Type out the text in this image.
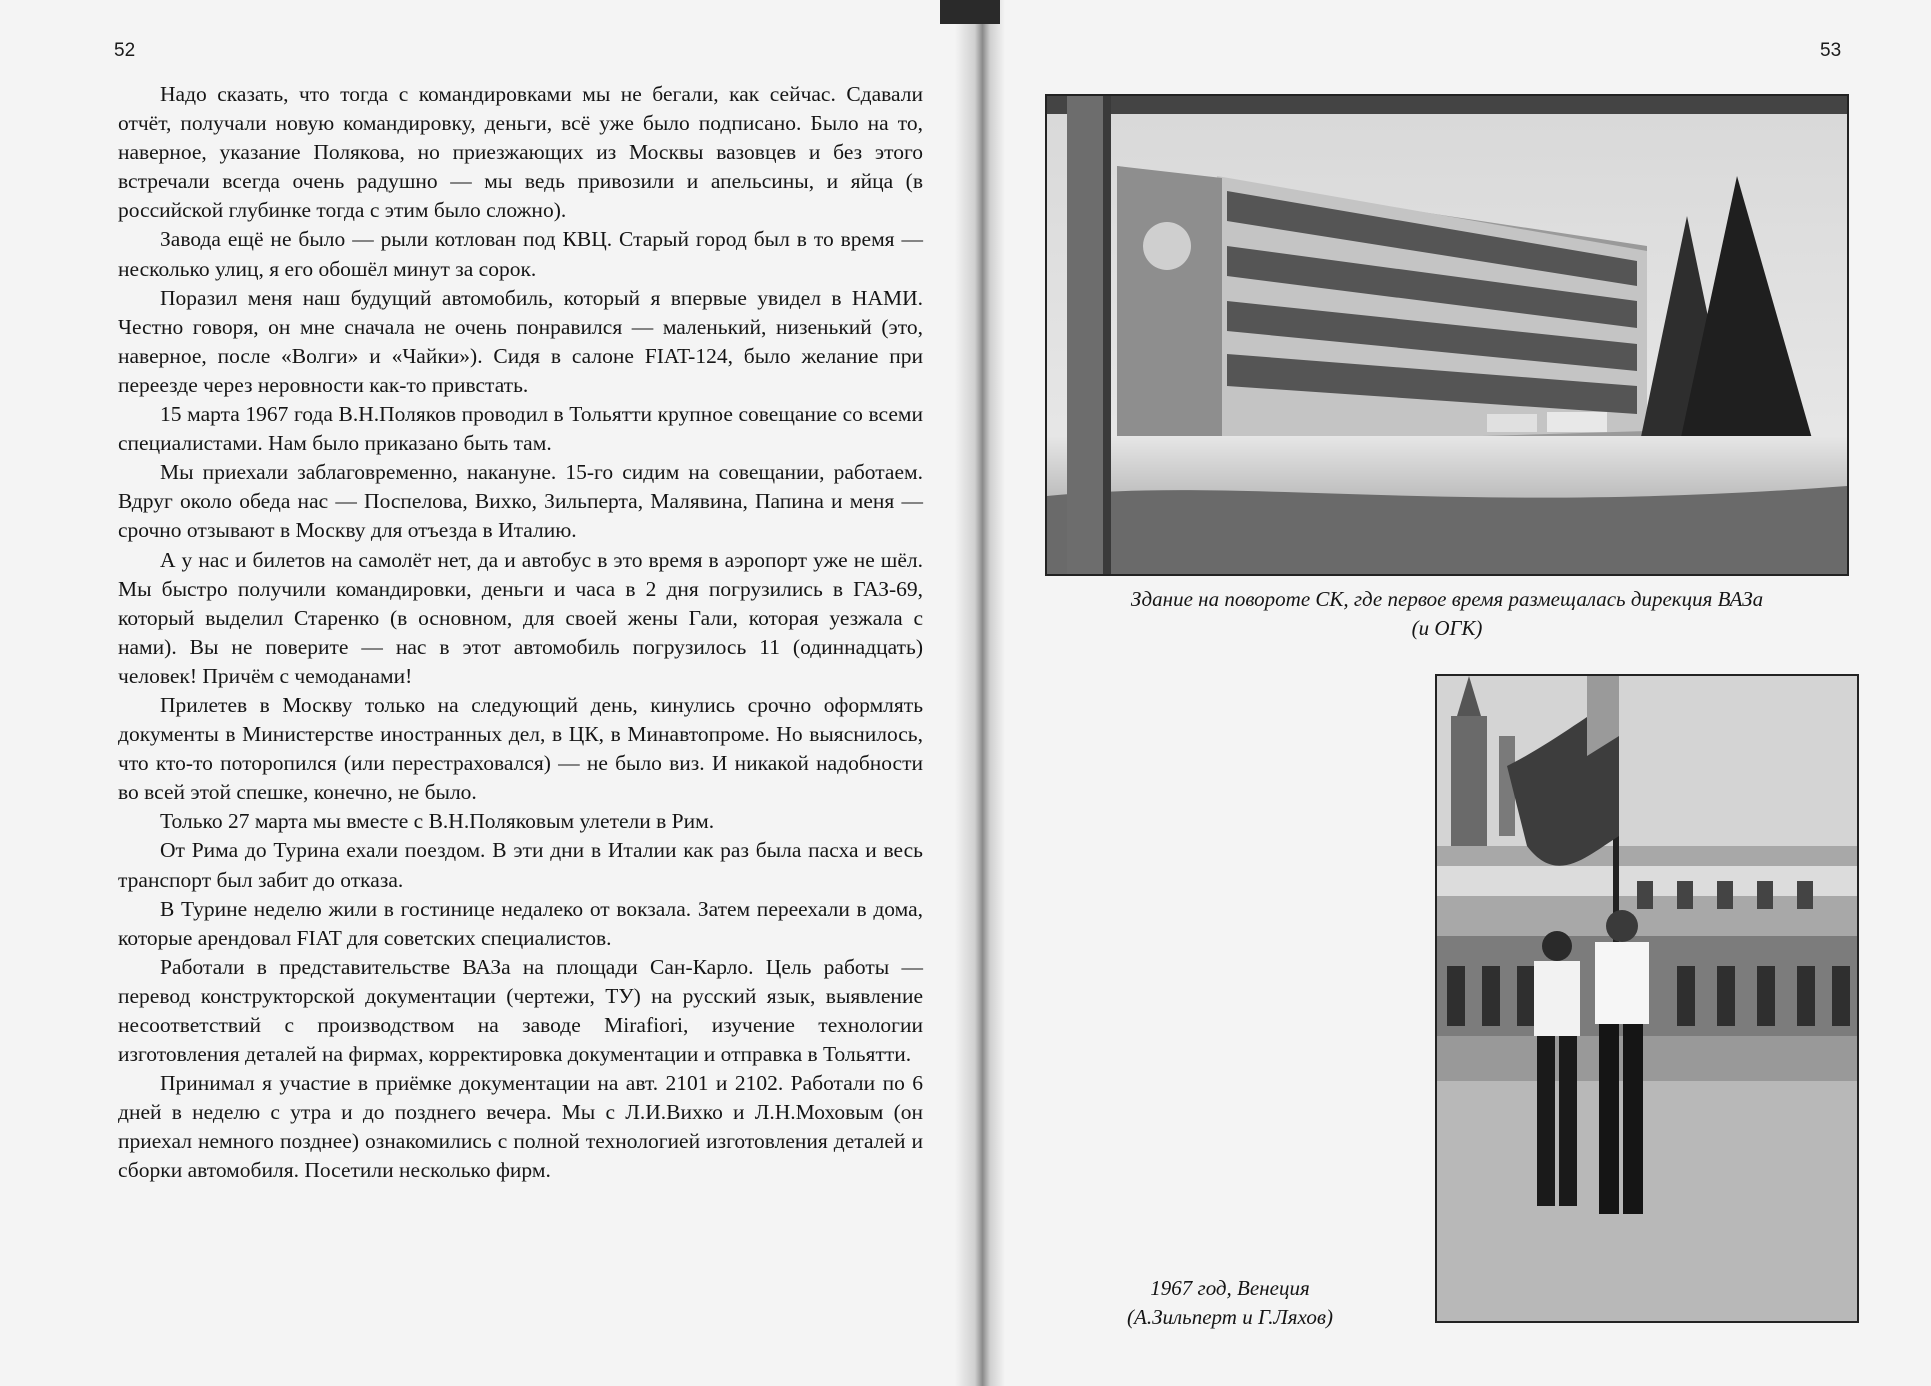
52

Надо сказать, что тогда с командировками мы не бегали, как сейчас. Сдавали отчёт, получали новую командировку, деньги, всё уже было подписано. Было на то, наверное, указание Полякова, но приезжающих из Москвы вазовцев и без этого встречали всегда очень радушно — мы ведь привозили и апельсины, и яйца (в российской глубинке тогда с этим было сложно).

Завода ещё не было — рыли котлован под КВЦ. Старый город был в то время — несколько улиц, я его обошёл минут за сорок.

Поразил меня наш будущий автомобиль, который я впервые увидел в НАМИ. Честно говоря, он мне сначала не очень понравился — маленький, низенький (это, наверное, после «Волги» и «Чайки»). Сидя в салоне FIAT-124, было желание при переезде через неровности как-то привстать.

15 марта 1967 года В.Н.Поляков проводил в Тольятти крупное совещание со всеми специалистами. Нам было приказано быть там.

Мы приехали заблаговременно, накануне. 15-го сидим на совещании, работаем. Вдруг около обеда нас — Поспелова, Вихко, Зильперта, Малявина, Папина и меня — срочно отзывают в Москву для отъезда в Италию.

А у нас и билетов на самолёт нет, да и автобус в это время в аэропорт уже не шёл. Мы быстро получили командировки, деньги и часа в 2 дня погрузились в ГАЗ-69, который выделил Старенко (в основном, для своей жены Гали, которая уезжала с нами). Вы не поверите — нас в этот автомобиль погрузилось 11 (одиннадцать) человек! Причём с чемоданами!

Прилетев в Москву только на следующий день, кинулись срочно оформлять документы в Министерстве иностранных дел, в ЦК, в Минавтопроме. Но выяснилось, что кто-то поторопился (или перестраховался) — не было виз. И никакой надобности во всей этой спешке, конечно, не было.

Только 27 марта мы вместе с В.Н.Поляковым улетели в Рим.

От Рима до Турина ехали поездом. В эти дни в Италии как раз была пасха и весь транспорт был забит до отказа.

В Турине неделю жили в гостинице недалеко от вокзала. Затем переехали в дома, которые арендовал FIAT для советских специалистов.

Работали в представительстве ВАЗа на площади Сан-Карло. Цель работы — перевод конструкторской документации (чертежи, ТУ) на русский язык, выявление несоответствий с производством на заводе Mirafiori, изучение технологии изготовления деталей на фирмах, корректировка документации и отправка в Тольятти.

Принимал я участие в приёмке документации на авт. 2101 и 2102. Работали по 6 дней в неделю с утра и до позднего вечера. Мы с Л.И.Вихко и Л.Н.Моховым (он приехал немного позднее) ознакомились с полной технологией изготовления деталей и сборки автомобиля. Посетили несколько фирм.

53
Здание на повороте СК, где первое время размещалась дирекция ВАЗа
(и ОГК)
1967 год, Венеция
(А.Зильперт и Г.Ляхов)
